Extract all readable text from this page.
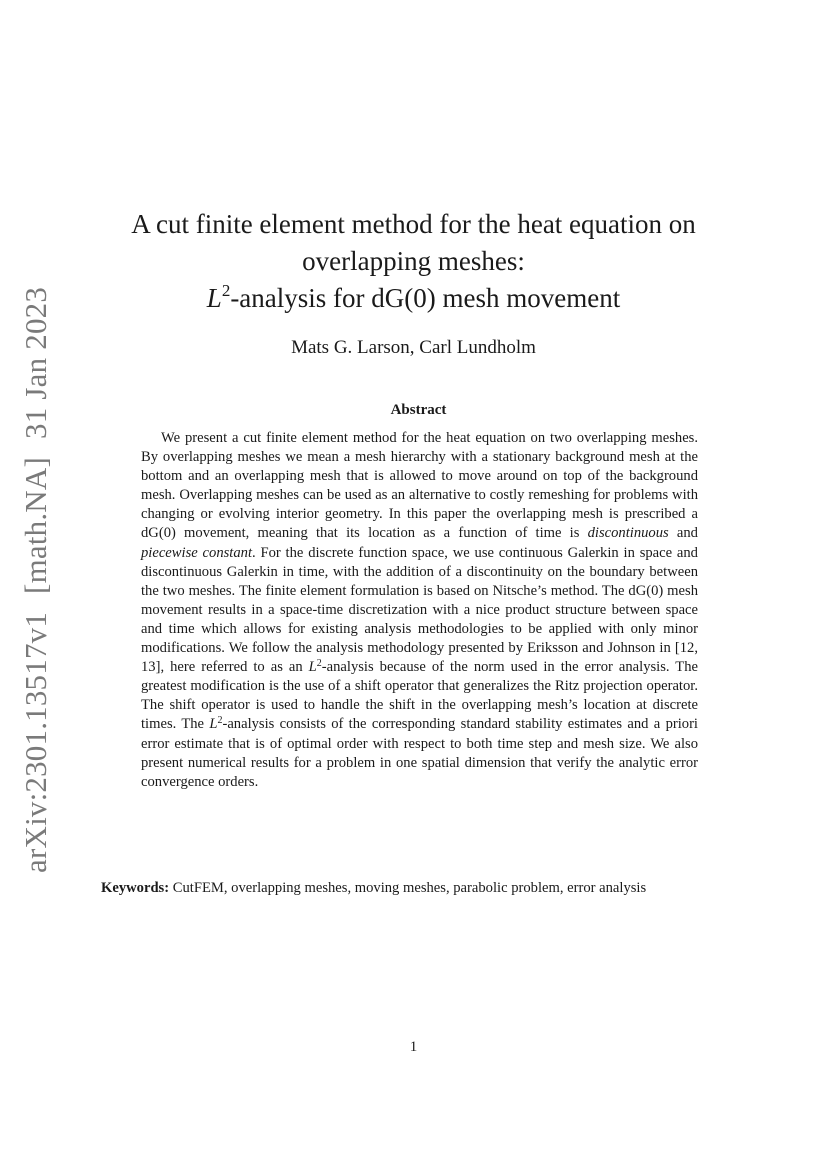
arXiv:2301.13517v1[math.NA]31 Jan 2023
A cut finite element method for the heat equation on
overlapping meshes:
$L^2$-analysis for dG(0) mesh movement
Mats G. Larson, Carl Lundholm
Abstract
We present a cut finite element method for the heat equation on two overlapping meshes. By overlapping meshes we mean a mesh hierarchy with a stationary background mesh at the bottom and an overlapping mesh that is allowed to move around on top of the background mesh. Overlapping meshes can be used as an alternative to costly remeshing for problems with changing or evolving interior geometry. In this paper the overlapping mesh is prescribed a dG(0) movement, meaning that its location as a function of time is discontinuous and piecewise constant. For the discrete function space, we use continuous Galerkin in space and discontinuous Galerkin in time, with the addition of a discontinuity on the boundary between the two meshes. The finite element formulation is based on Nitsche’s method. The dG(0) mesh movement results in a space-time discretization with a nice product structure between space and time which allows for existing analysis methodologies to be applied with only minor modifications. We follow the analysis methodology presented by Eriksson and Johnson in [12, 13], here referred to as an $L^2$-analysis because of the norm used in the error analysis. The greatest modification is the use of a shift operator that generalizes the Ritz projection operator. The shift operator is used to handle the shift in the overlapping mesh’s location at discrete times. The $L^2$-analysis consists of the corresponding standard stability estimates and a priori error estimate that is of optimal order with respect to both time step and mesh size. We also present numerical results for a problem in one spatial dimension that verify the analytic error convergence orders.
Keywords: CutFEM, overlapping meshes, moving meshes, parabolic problem, error analysis
1
